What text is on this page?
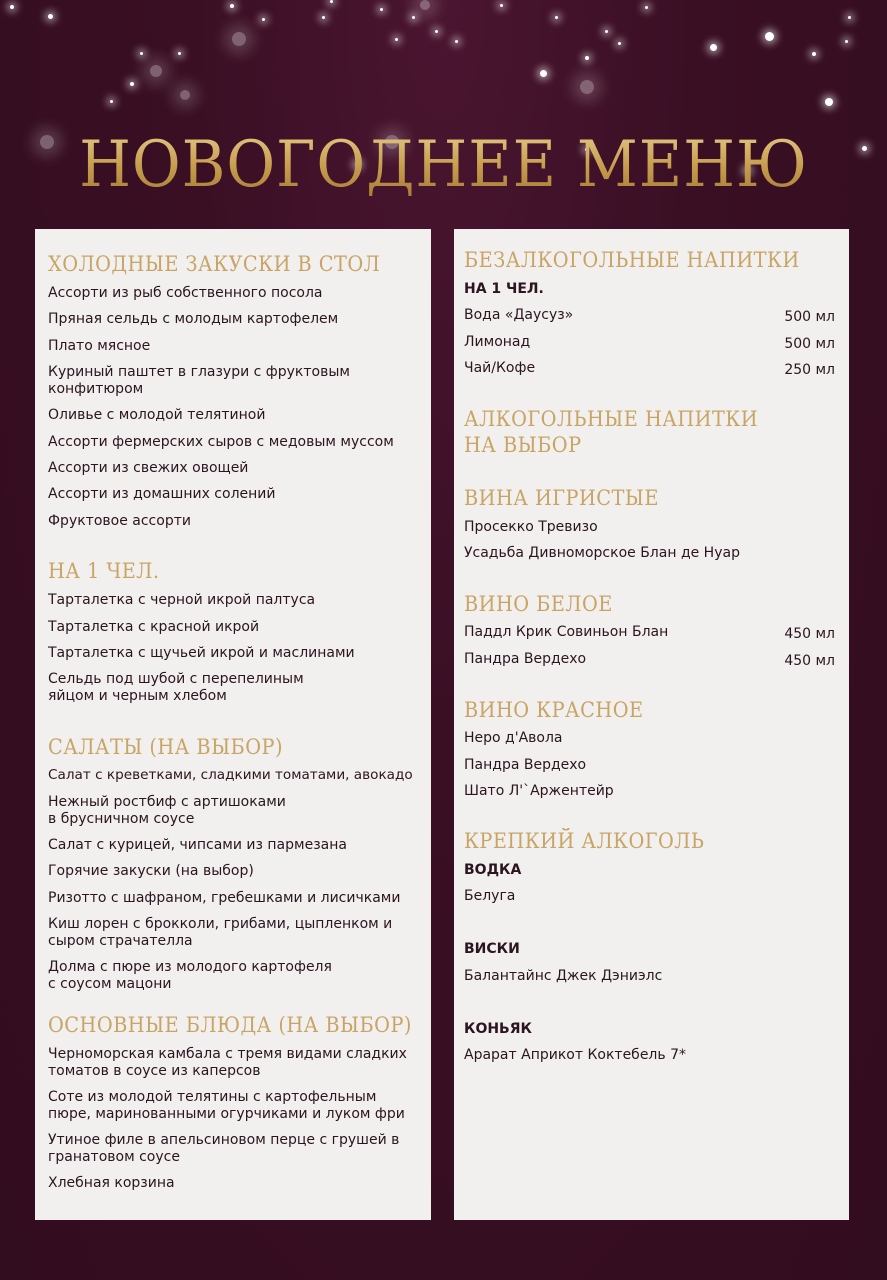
НОВОГОДНЕЕ МЕНЮ
ХОЛОДНЫЕ ЗАКУСКИ В СТОЛ
Ассорти из рыб собственного посола
Пряная сельдь с молодым картофелем
Плато мясное
Куриный паштет в глазури с фруктовым
конфитюром
Оливье с молодой телятиной
Ассорти фермерских сыров с медовым муссом
Ассорти из свежих овощей
Ассорти из домашних солений
Фруктовое ассорти
НА 1 ЧЕЛ.
Тарталетка с черной икрой палтуса
Тарталетка с красной икрой
Тарталетка с щучьей икрой и маслинами
Сельдь под шубой с перепелиным
яйцом и черным хлебом
САЛАТЫ (НА ВЫБОР)
Салат с креветками, сладкими томатами, авокадо
Нежный ростбиф с артишоками
в брусничном соусе
Салат с курицей, чипсами из пармезана
Горячие закуски (на выбор)
Ризотто с шафраном, гребешками и лисичками
Киш лорен с брокколи, грибами, цыпленком и
сыром страчателла
Долма с пюре из молодого картофеля
с соусом мацони
ОСНОВНЫЕ БЛЮДА (НА ВЫБОР)
Черноморская камбала с тремя видами сладких
томатов в соусе из каперсов
Соте из молодой телятины с картофельным
пюре, маринованными огурчиками и луком фри
Утиное филе в апельсиновом перце с грушей в
гранатовом соусе
Хлебная корзина
БЕЗАЛКОГОЛЬНЫЕ НАПИТКИ
НА 1 ЧЕЛ.
Вода «Даусуз»	500 мл
Лимонад	500 мл
Чай/Кофе	250 мл
АЛКОГОЛЬНЫЕ НАПИТКИ
НА ВЫБОР
ВИНА ИГРИСТЫЕ
Просекко Тревизо
Усадьба Дивноморское Блан де Нуар
ВИНО БЕЛОЕ
Паддл Крик Совиньон Блан	450 мл
Пандра Вердехо	450 мл
ВИНО КРАСНОЕ
Неро д'Авола
Пандра Вердехо
Шато Л'`Аржентейр
КРЕПКИЙ АЛКОГОЛЬ
ВОДКА
Белуга
ВИСКИ
Балантайнс Джек Дэниэлс
КОНЬЯК
Арарат Априкот Коктебель 7*
